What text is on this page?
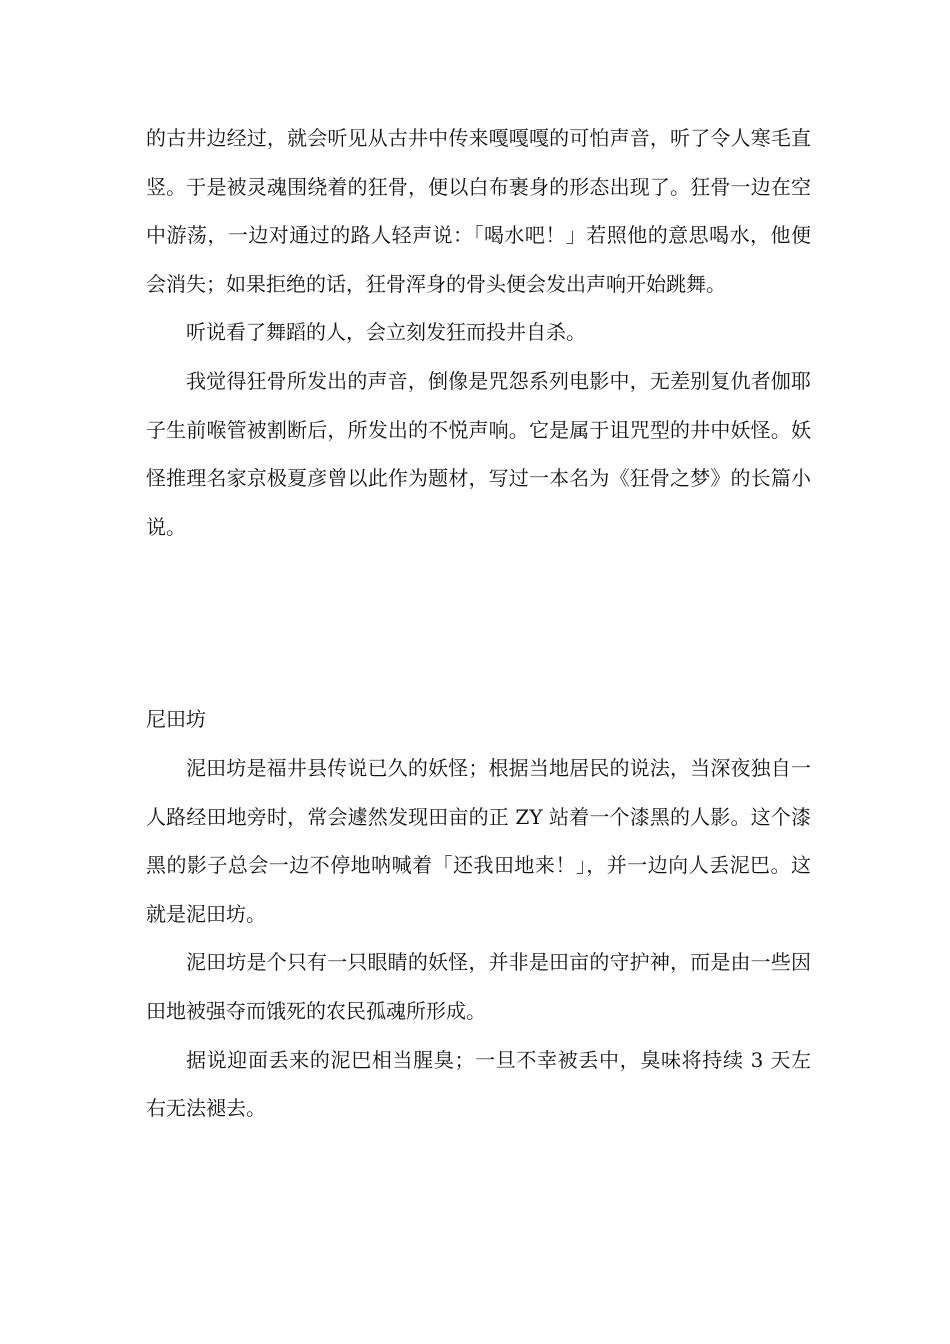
的古井边经过，就会听见从古井中传来嘎嘎嘎的可怕声音，听了令人寒毛直竖。于是被灵魂围绕着的狂骨，便以白布裹身的形态出现了。狂骨一边在空中游荡，一边对通过的路人轻声说：「喝水吧！」若照他的意思喝水，他便会消失；如果拒绝的话，狂骨浑身的骨头便会发出声响开始跳舞。

听说看了舞蹈的人，会立刻发狂而投井自杀。

我觉得狂骨所发出的声音，倒像是咒怨系列电影中，无差别复仇者伽耶子生前喉管被割断后，所发出的不悦声响。它是属于诅咒型的井中妖怪。妖怪推理名家京极夏彦曾以此作为题材，写过一本名为《狂骨之梦》的长篇小说。

尼田坊

泥田坊是福井县传说已久的妖怪；根据当地居民的说法，当深夜独自一人路经田地旁时，常会遽然发现田亩的正 ZY 站着一个漆黑的人影。这个漆黑的影子总会一边不停地呐喊着「还我田地来！」，并一边向人丢泥巴。这就是泥田坊。

泥田坊是个只有一只眼睛的妖怪，并非是田亩的守护神，而是由一些因田地被强夺而饿死的农民孤魂所形成。

据说迎面丢来的泥巴相当腥臭；一旦不幸被丢中，臭味将持续 3 天左右无法褪去。
